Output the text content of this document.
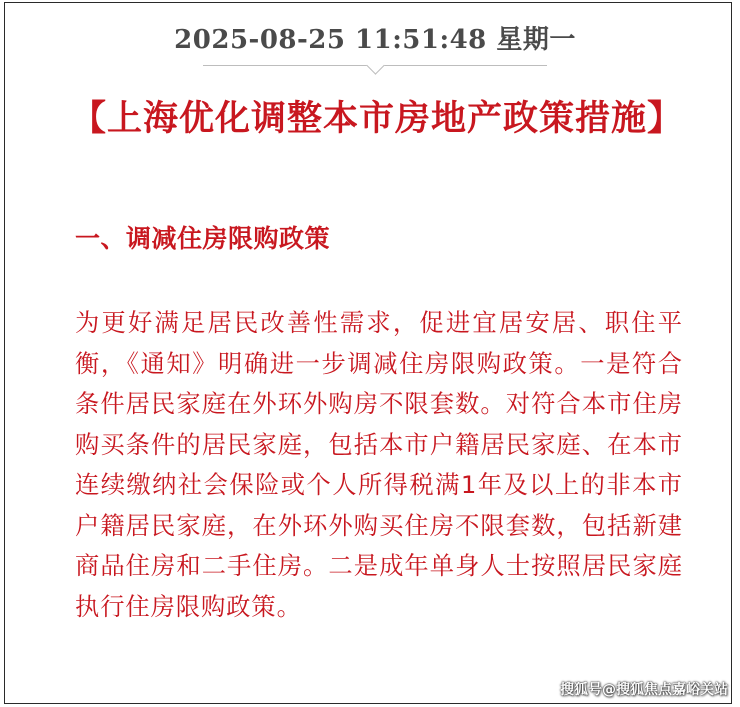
2025-08-25 11:51:48 星期一
【上海优化调整本市房地产政策措施】
一、调减住房限购政策

为更好满足居民改善性需求，促进宜居安居、职住平衡，《通知》明确进一步调减住房限购政策。一是符合条件居民家庭在外环外购房不限套数。对符合本市住房购买条件的居民家庭，包括本市户籍居民家庭、在本市连续缴纳社会保险或个人所得税满1年及以上的非本市户籍居民家庭，在外环外购买住房不限套数，包括新建商品住房和二手住房。二是成年单身人士按照居民家庭执行住房限购政策。

搜狐号@搜狐焦点嘉峪关站
